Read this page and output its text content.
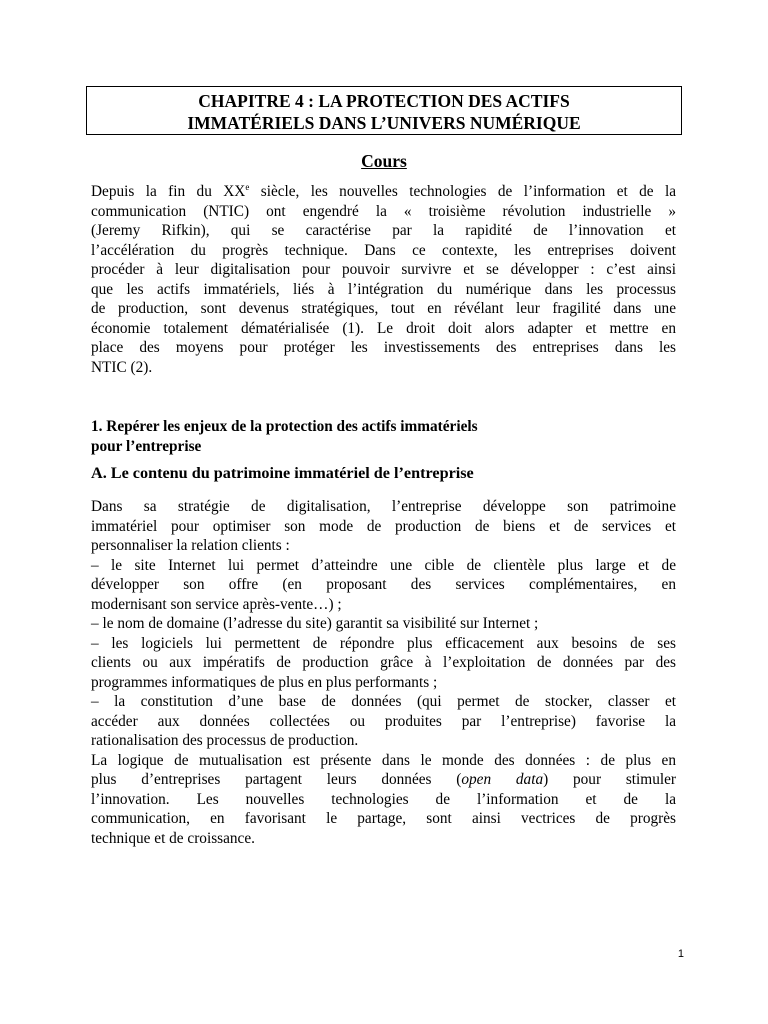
CHAPITRE 4 : LA PROTECTION DES ACTIFS
IMMATÉRIELS DANS L’UNIVERS NUMÉRIQUE
Cours
Depuis la fin du XXe siècle, les nouvelles technologies de l’information et de la
communication (NTIC) ont engendré la « troisième révolution industrielle »
(Jeremy Rifkin), qui se caractérise par la rapidité de l’innovation et
l’accélération du progrès technique. Dans ce contexte, les entreprises doivent
procéder à leur digitalisation pour pouvoir survivre et se développer : c’est ainsi
que les actifs immatériels, liés à l’intégration du numérique dans les processus
de production, sont devenus stratégiques, tout en révélant leur fragilité dans une
économie totalement dématérialisée (1). Le droit doit alors adapter et mettre en
place des moyens pour protéger les investissements des entreprises dans les
NTIC (2).
1. Repérer les enjeux de la protection des actifs immatériels
pour l’entreprise
A. Le contenu du patrimoine immatériel de l’entreprise
Dans sa stratégie de digitalisation, l’entreprise développe son patrimoine
immatériel pour optimiser son mode de production de biens et de services et
personnaliser la relation clients :
– le site Internet lui permet d’atteindre une cible de clientèle plus large et de
développer son offre (en proposant des services complémentaires, en
modernisant son service après-vente…) ;
– le nom de domaine (l’adresse du site) garantit sa visibilité sur Internet ;
– les logiciels lui permettent de répondre plus efficacement aux besoins de ses
clients ou aux impératifs de production grâce à l’exploitation de données par des
programmes informatiques de plus en plus performants ;
– la constitution d’une base de données (qui permet de stocker, classer et
accéder aux données collectées ou produites par l’entreprise) favorise la
rationalisation des processus de production.
La logique de mutualisation est présente dans le monde des données : de plus en
plus d’entreprises partagent leurs données (open data) pour stimuler
l’innovation. Les nouvelles technologies de l’information et de la
communication, en favorisant le partage, sont ainsi vectrices de progrès
technique et de croissance.
1
